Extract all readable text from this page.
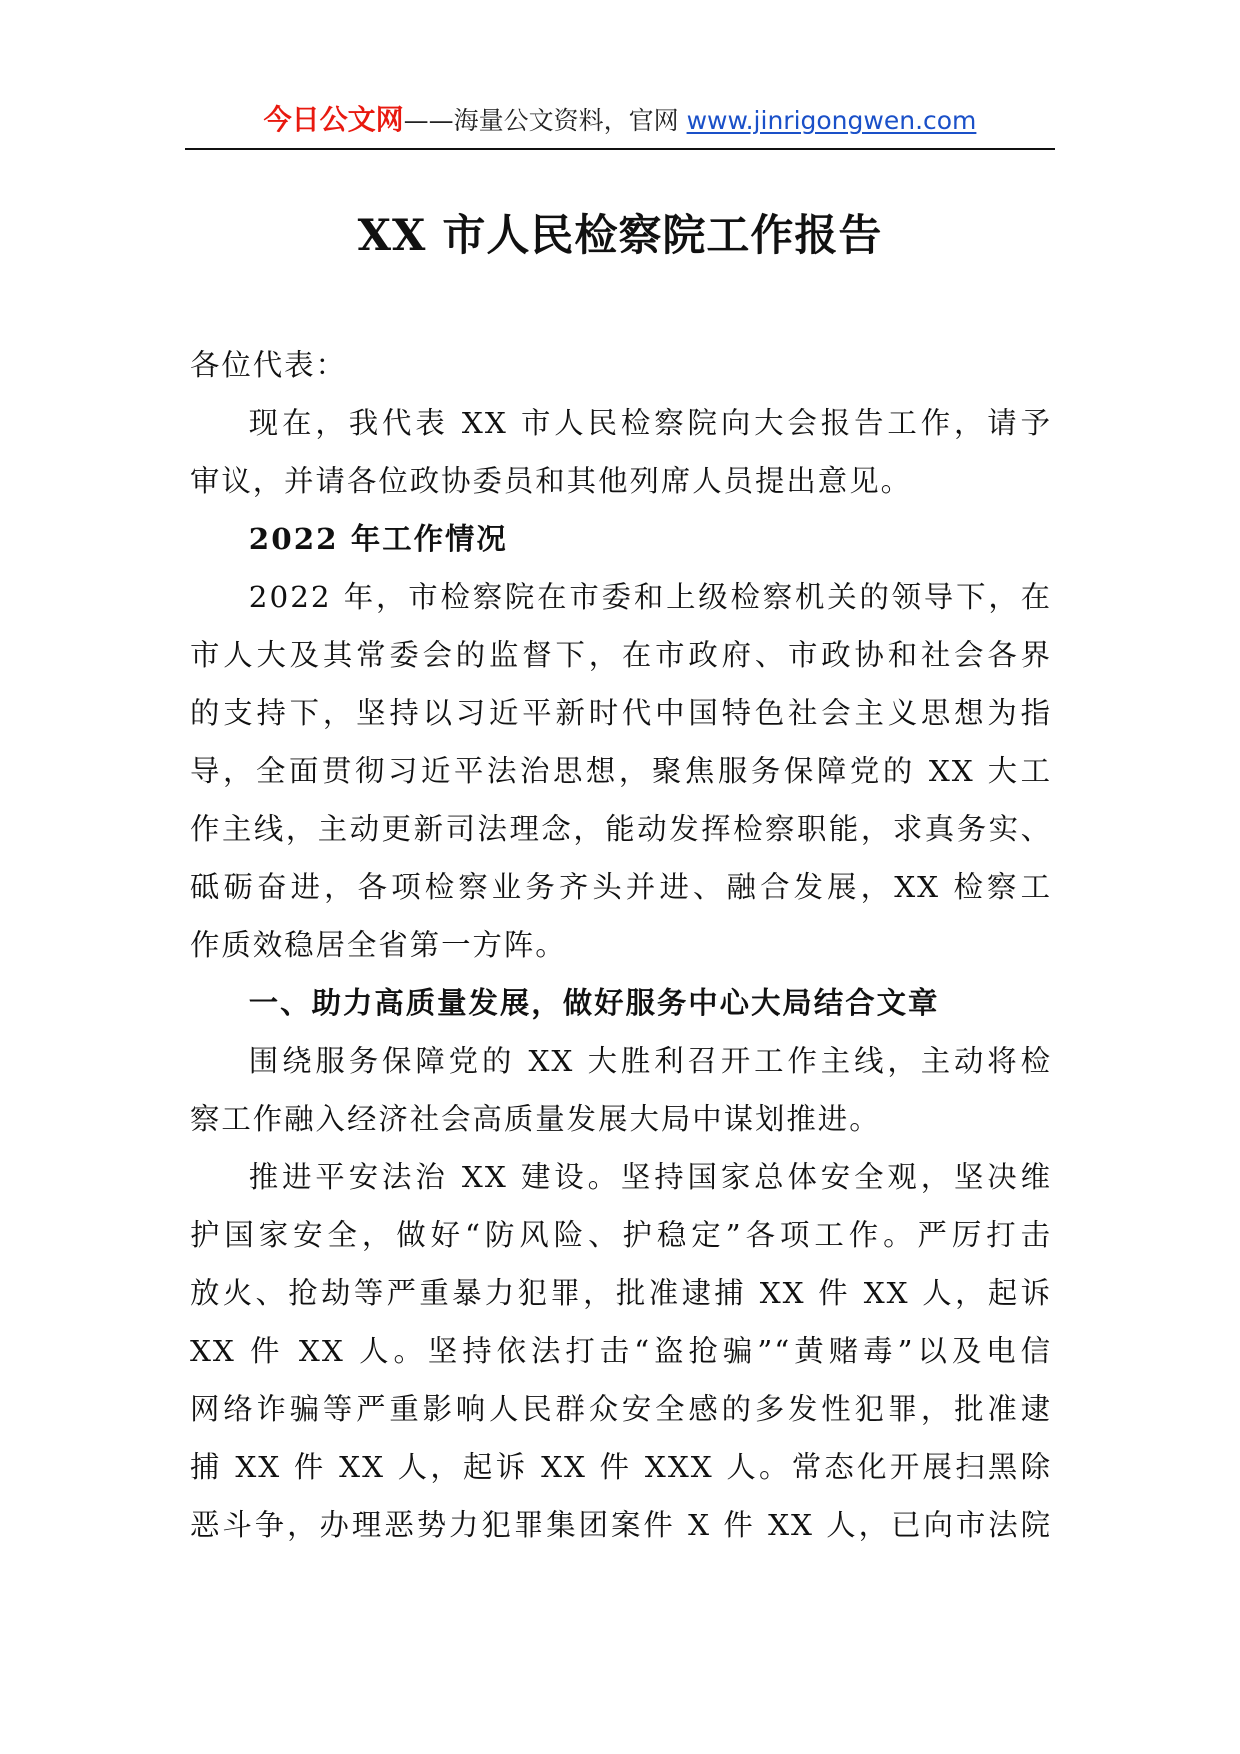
今日公文网——海量公文资料，官网 www.jinrigongwen.com
XX 市人民检察院工作报告

各位代表：

现在，我代表 XX 市人民检察院向大会报告工作，请予
审议，并请各位政协委员和其他列席人员提出意见。

2022 年工作情况

2022 年，市检察院在市委和上级检察机关的领导下，在
市人大及其常委会的监督下，在市政府、市政协和社会各界
的支持下，坚持以习近平新时代中国特色社会主义思想为指
导，全面贯彻习近平法治思想，聚焦服务保障党的 XX 大工
作主线，主动更新司法理念，能动发挥检察职能，求真务实、
砥砺奋进，各项检察业务齐头并进、融合发展，XX 检察工
作质效稳居全省第一方阵。

一、助力高质量发展，做好服务中心大局结合文章

围绕服务保障党的 XX 大胜利召开工作主线，主动将检
察工作融入经济社会高质量发展大局中谋划推进。

推进平安法治 XX 建设。坚持国家总体安全观，坚决维
护国家安全，做好“防风险、护稳定”各项工作。严厉打击
放火、抢劫等严重暴力犯罪，批准逮捕 XX 件 XX 人，起诉
XX 件 XX 人。坚持依法打击“盗抢骗”“黄赌毒”以及电信
网络诈骗等严重影响人民群众安全感的多发性犯罪，批准逮
捕 XX 件 XX 人，起诉 XX 件 XXX 人。常态化开展扫黑除
恶斗争，办理恶势力犯罪集团案件 X 件 XX 人，已向市法院
